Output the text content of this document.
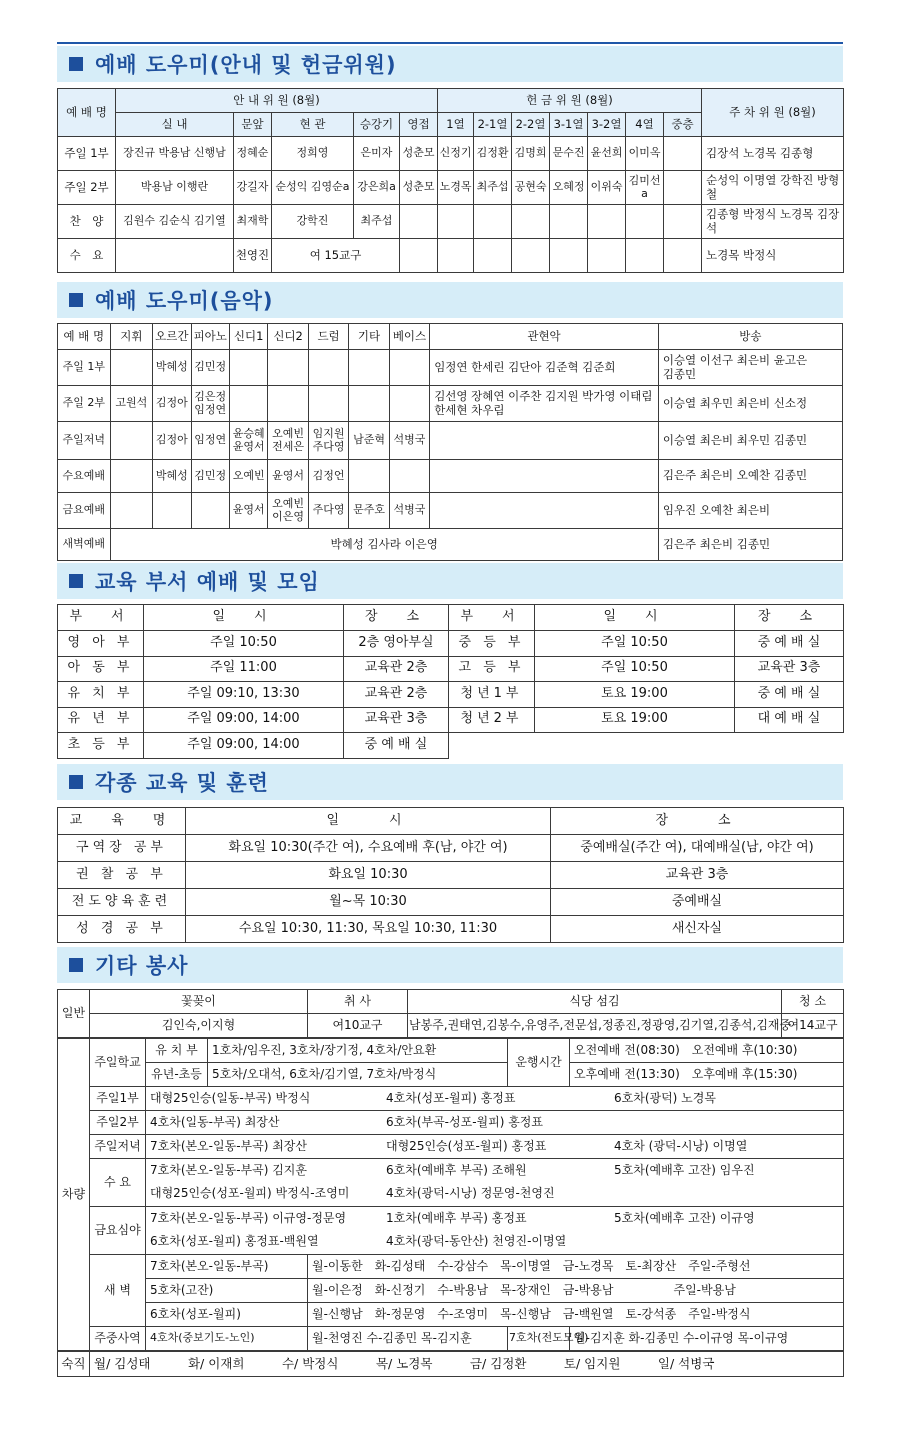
예배 도우미(안내 및 헌금위원)
예 배 명	안 내 위 원 (8월)					헌 금 위 원 (8월)							주 차 위 원 (8월)
	실 내	문앞	현 관	승강기	영접	1열	2-1열	2-2열	3-1열	3-2열	4열	중층	
주일 1부	장진규 박용남 신행남	정혜순	정희영	은미자	성춘모	신정기	김정환	김명희	문수진	윤선희	이미옥		김장석 노경목 김종형
주일 2부	박용남 이행란	강길자	순성익 김영순a	강은희a	성춘모	노경목	최주섭	공현숙	오혜정	이위숙	김미선a		순성익 이명열 강학진 방형철
찬　양	김원수 김순식 김기열	최재학	강학진	최주섭									김종형 박정식 노경목 김장석
수　요		천영진	여 15교구										노경목 박정식
예배 도우미(음악)
예 배 명	지휘	오르간	피아노	신디1	신디2	드럼	기타	베이스	관현악	방송
주일 1부		박혜성	김민정						임정연 한세린 김단아 김준혁 김준희	이승열 이선구 최은비 윤고은 김종민
주일 2부	고원석	김정아	김은정 임정연						김선영 장혜연 이주찬 김지원 박가영 이태림 한세현 차우림	이승열 최우민 최은비 신소정
주일저녁		김정아	임정연	윤승혜 윤영서	오예빈 전세은	임지원 주다영	남준혁	석병국		이승열 최은비 최우민 김종민
수요예배		박혜성	김민정	오예빈	윤영서	김정언				김은주 최은비 오예찬 김종민
금요예배				윤영서	오예빈 이은영	주다영	문주호	석병국		임우진 오예찬 최은비
새벽예배	박혜성 김사라 이은영									김은주 최은비 김종민
교육 부서 예배 및 모임
부　서	일　시	장　소	부　서	일　시	장　소
영 아 부	주일 10:50	2층 영아부실	중 등 부	주일 10:50	중 예 배 실
아 동 부	주일 11:00	교육관 2층	고 등 부	주일 10:50	교육관 3층
유 치 부	주일 09:10, 13:30	교육관 2층	청년1부	토요 19:00	중 예 배 실
유 년 부	주일 09:00, 14:00	교육관 3층	청년2부	토요 19:00	대 예 배 실
초 등 부	주일 09:00, 14:00	중 예 배 실			
각종 교육 및 훈련
교　육　명	일　　시	장　　소
구역장 공부	화요일 10:30(주간 여), 수요예배 후(남, 야간 여)	중예배실(주간 여), 대예배실(남, 야간 여)
권 찰 공 부	화요일 10:30	교육관 3층
전도양육훈련	월~목 10:30	중예배실
성 경 공 부	수요일 10:30, 11:30, 목요일 10:30, 11:30	새신자실
기타 봉사
일반	꽃꽂이	취 사	식당 섬김	청 소
	김인숙,이지형	여10교구	남봉주,권태연,김봉수,유영주,전문섭,정종진,정광영,김기열,김종석,김재중	여14교구
차량	주일학교	유 치 부	1호차/임우진, 3호차/장기정, 4호차/안요환		운행시간	오전예배 전(08:30)　오전예배 후(10:30)
		유년-초등	5호차/오대석, 6호차/김기열, 7호차/박정식			오후예배 전(13:30)　오후예배 후(15:30)
	주일1부	대형25인승(일동-부곡) 박정식 4호차(성포-월피) 홍정표 6호차(광덕) 노경목				

	주일2부	4호차(일동-부곡) 최장산 6호차(부곡-성포-월피) 홍정표				

	주일저녁	7호차(본오-일동-부곡) 최장산 대형25인승(성포-월피) 홍정표 4호차 (광덕-시낭) 이명열				

	수 요	7호차(본오-일동-부곡) 김지훈 6호차(예배후 부곡) 조해원 5호차(예배후 고잔) 임우진				

		대형25인승(성포-월피) 박정식-조영미 4호차(광덕-시낭) 정문영-천영진				

	금요심야	7호차(본오-일동-부곡) 이규영-정문영 1호차(예배후 부곡) 홍정표 5호차(예배후 고잔) 이규영				

		6호차(성포-월피) 홍정표-백원열 4호차(광덕-동안산) 천영진-이명열				

	새 벽	7호차(본오-일동-부곡)		월-이동한　화-김성태　수-강삼수　목-이명열　금-노경목　토-최장산　주일-주형선		
		5호차(고잔)		월-이은정　화-신정기　수-박용남　목-장재인　금-박용남　　　　　주일-박용남		
		6호차(성포-월피)		월-신행남　화-정문영　수-조영미　목-신행남　금-백원열　토-강석종　주일-박정식		
	주중사역	4호차(중보기도-노인)		월-천영진 수-김종민 목-김지훈	7호차(전도모임)	월-김지훈 화-김종민 수-이규영 목-이규영
숙직	월/ 김성태　　　화/ 이재희　　　수/ 박정식　　　목/ 노경목　　　금/ 김정환　　　토/ 임지원　　　일/ 석병국
